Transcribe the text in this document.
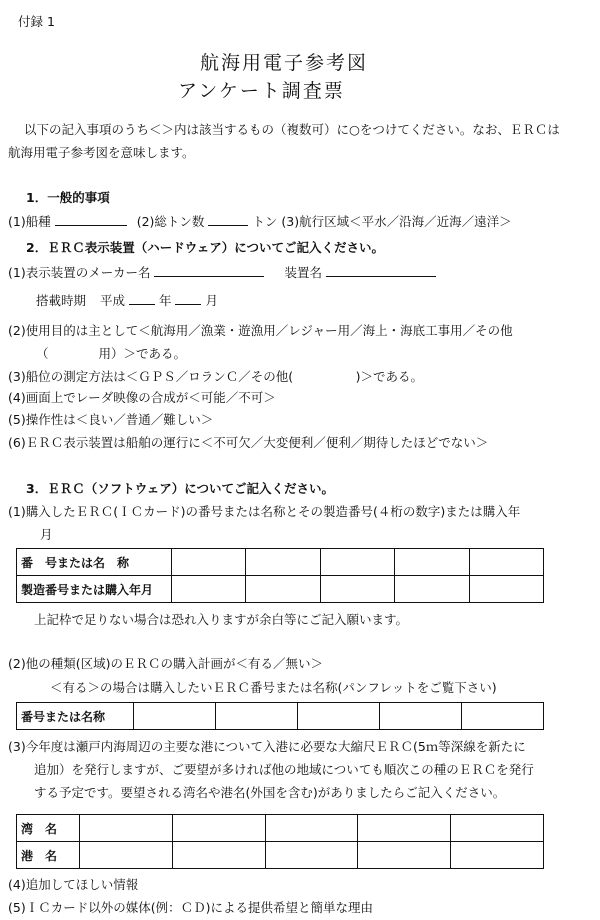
付録 1
航海用電子参考図
アンケート調査票
以下の記入事項のうち＜＞内は該当するもの（複数可）に○をつけてください。なお、ＥＲＣは
航海用電子参考図を意味します。
1．一般的事項
(1)船種	(2)総トン数	トン (3)航行区域＜平水／沿海／近海／遠洋＞
2．ＥＲＣ表示装置（ハードウェア）についてご記入ください。
(1)表示装置のメーカー名	装置名
搭載時期 平成	年	月
(2)使用目的は主として＜航海用／漁業・遊漁用／レジャー用／海上・海底工事用／その他
（　　　　用）＞である。
(3)船位の測定方法は＜ＧＰＳ／ロランＣ／その他(　　　　　)＞である。
(4)画面上でレーダ映像の合成が＜可能／不可＞
(5)操作性は＜良い／普通／難しい＞
(6)ＥＲＣ表示装置は船舶の運行に＜不可欠／大変便利／便利／期待したほどでない＞
3．ＥＲＣ（ソフトウェア）についてご記入ください。
(1)購入したＥＲＣ(ＩＣカード)の番号または名称とその製造番号(４桁の数字)または購入年
月
番　号または名　称					
製造番号または購入年月					
上記枠で足りない場合は恐れ入りますが余白等にご記入願います。
(2)他の種類(区域)のＥＲＣの購入計画が＜有る／無い＞
＜有る＞の場合は購入したいＥＲＣ番号または名称(パンフレットをご覧下さい)
番号または名称					
(3)今年度は瀬戸内海周辺の主要な港について入港に必要な大縮尺ＥＲＣ(5ｍ等深線を新たに
追加）を発行しますが、ご要望が多ければ他の地域についても順次この種のＥＲＣを発行
する予定です。要望される湾名や港名(外国を含む)がありましたらご記入ください。
湾　名					
港　名					
(4)追加してほしい情報
(5)ＩＣカード以外の媒体(例：ＣＤ)による提供希望と簡単な理由
